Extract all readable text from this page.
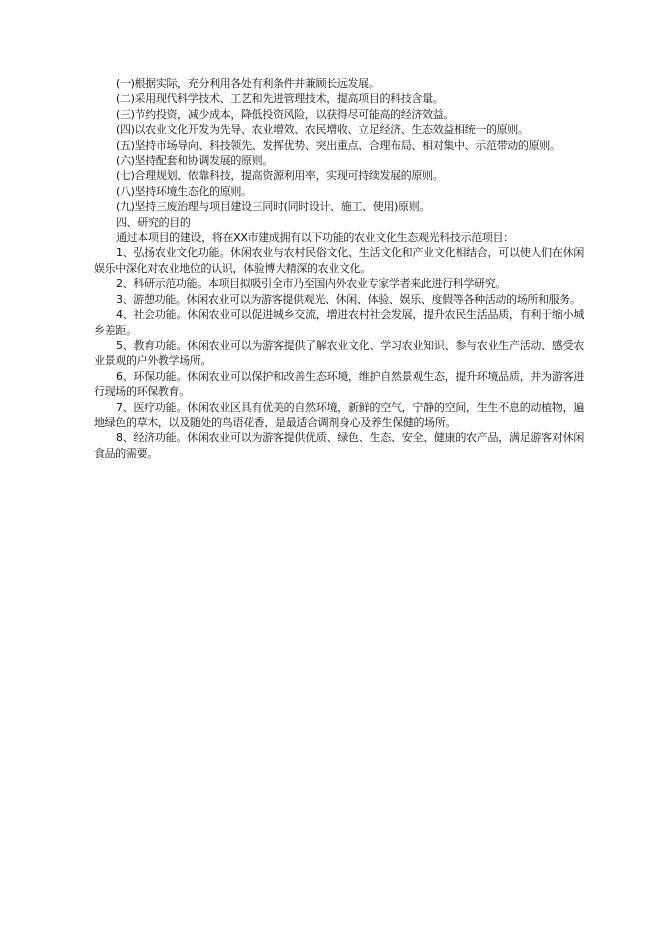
(一)根据实际，充分利用各处有利条件并兼顾长远发展。

(二)采用现代科学技术、工艺和先进管理技术，提高项目的科技含量。

(三)节约投资，减少成本，降低投资风险，以获得尽可能高的经济效益。

(四)以农业文化开发为先导、农业增效、农民增收、立足经济、生态效益相统一的原则。

(五)坚持市场导向、科技领先、发挥优势、突出重点、合理布局、相对集中、示范带动的原则。

(六)坚持配套和协调发展的原则。

(七)合理规划、依靠科技，提高资源利用率，实现可持续发展的原则。

(八)坚持环境生态化的原则。

(九)坚持三废治理与项目建设三同时(同时设计、施工、使用)原则。

四、研究的目的

通过本项目的建设，将在XX市建成拥有以下功能的农业文化生态观光科技示范项目：

1、弘扬农业文化功能。休闲农业与农村民俗文化、生活文化和产业文化相结合，可以使人们在休闲娱乐中深化对农业地位的认识，体验博大精深的农业文化。

2、科研示范功能。本项目拟吸引全市乃至国内外农业专家学者来此进行科学研究。

3、游憩功能。休闲农业可以为游客提供观光、休闲、体验、娱乐、度假等各种活动的场所和服务。

4、社会功能。休闲农业可以促进城乡交流，增进农村社会发展，提升农民生活品质，有利于缩小城乡差距。

5、教育功能。休闲农业可以为游客提供了解农业文化、学习农业知识、参与农业生产活动、感受农业景观的户外教学场所。

6、环保功能。休闲农业可以保护和改善生态环境，维护自然景观生态，提升环境品质，并为游客进行现场的环保教育。

7、医疗功能。休闲农业区具有优美的自然环境，新鲜的空气，宁静的空间，生生不息的动植物，遍地绿色的草木，以及随处的鸟语花香，是最适合调剂身心及养生保健的场所。

8、经济功能。休闲农业可以为游客提供优质、绿色、生态、安全、健康的农产品，满足游客对休闲食品的需要。
